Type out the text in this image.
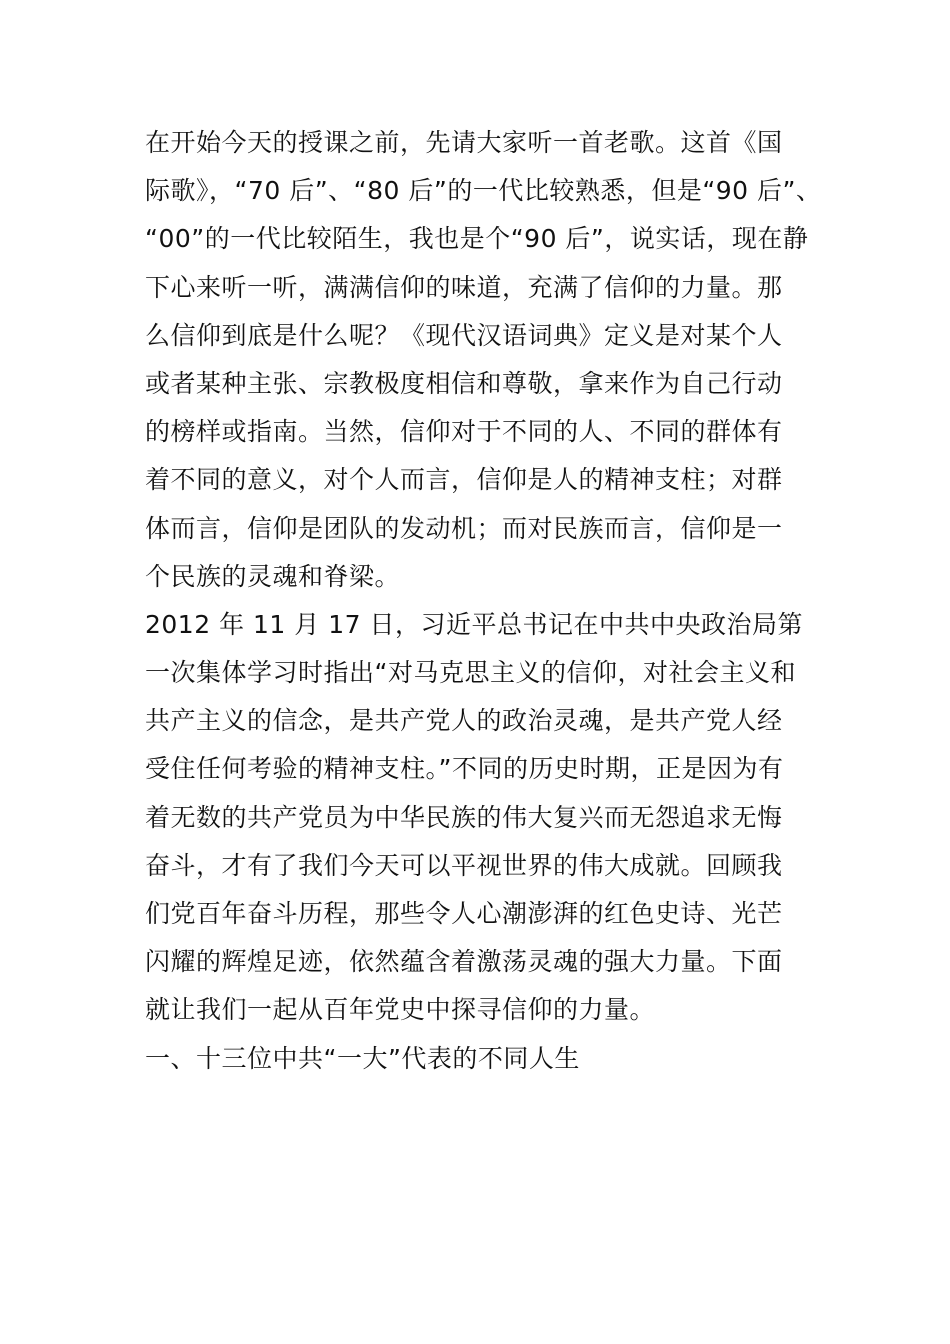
在开始今天的授课之前，先请大家听一首老歌。这首《国
际歌》，“70 后”、“80 后”的一代比较熟悉，但是“90 后”、
“00”的一代比较陌生，我也是个“90 后”，说实话，现在静
下心来听一听，满满信仰的味道，充满了信仰的力量。那
么信仰到底是什么呢？《现代汉语词典》定义是对某个人
或者某种主张、宗教极度相信和尊敬，拿来作为自己行动
的榜样或指南。当然，信仰对于不同的人、不同的群体有
着不同的意义，对个人而言，信仰是人的精神支柱；对群
体而言，信仰是团队的发动机；而对民族而言，信仰是一
个民族的灵魂和脊梁。
2012 年 11 月 17 日，习近平总书记在中共中央政治局第
一次集体学习时指出“对马克思主义的信仰，对社会主义和
共产主义的信念，是共产党人的政治灵魂，是共产党人经
受住任何考验的精神支柱。”不同的历史时期，正是因为有
着无数的共产党员为中华民族的伟大复兴而无怨追求无悔
奋斗，才有了我们今天可以平视世界的伟大成就。回顾我
们党百年奋斗历程，那些令人心潮澎湃的红色史诗、光芒
闪耀的辉煌足迹，依然蕴含着激荡灵魂的强大力量。下面
就让我们一起从百年党史中探寻信仰的力量。
一、十三位中共“一大”代表的不同人生
